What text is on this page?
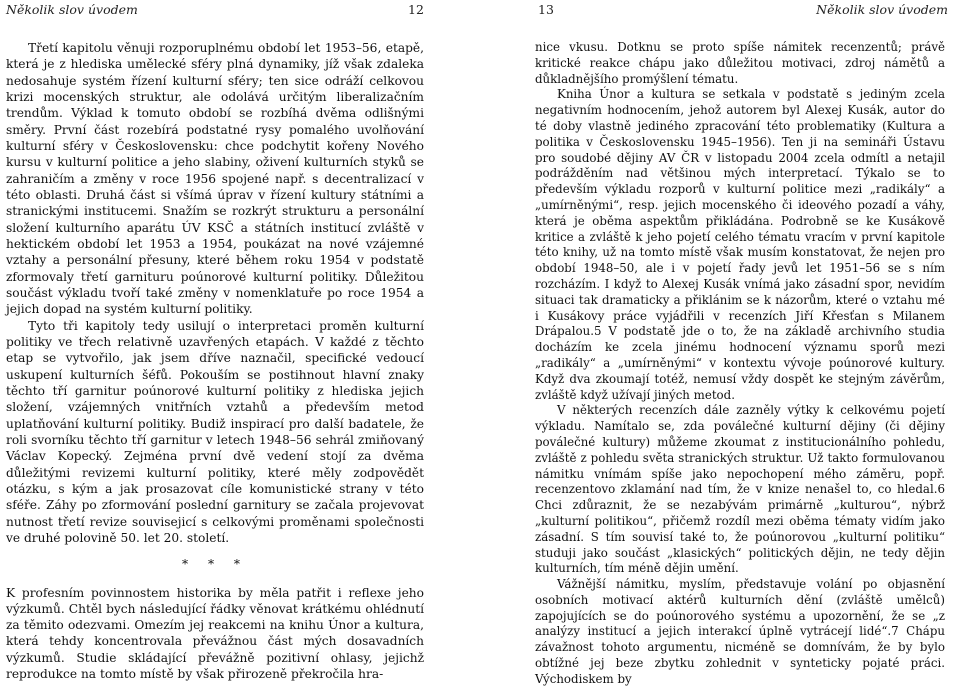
Několik slov úvodem	12

Třetí kapitolu věnuji rozporuplnému období let 1953–56, etapě, která je z hlediska umělecké sféry plná dynamiky, jíž však zdaleka nedosahuje systém řízení kulturní sféry; ten sice odráží celkovou krizi mocenských struktur, ale odolává určitým liberalizačním trendům. Výklad k tomuto období se rozbíhá dvěma odlišnými směry. První část rozebírá podstatné rysy pomalého uvolňování kulturní sféry v Československu: chce podchytit kořeny Nového kursu v kulturní politice a jeho slabiny, oživení kulturních styků se zahraničím a změny v roce 1956 spojené např. s decentralizací v této oblasti. Druhá část si všímá úprav v řízení kultury státními a stranickými institucemi. Snažím se rozkrýt strukturu a personální složení kulturního aparátu ÚV KSČ a státních institucí zvláště v hektickém období let 1953 a 1954, poukázat na nové vzájemné vztahy a personální přesuny, které během roku 1954 v podstatě zformovaly třetí garnituru poúnorové kulturní politiky. Důležitou součást výkladu tvoří také změny v nomenklatuře po roce 1954 a jejich dopad na systém kulturní politiky.

Tyto tři kapitoly tedy usilují o interpretaci proměn kulturní politiky ve třech relativně uzavřených etapách. V každé z těchto etap se vytvořilo, jak jsem dříve naznačil, specifické vedoucí uskupení kulturních šéfů. Pokouším se postihnout hlavní znaky těchto tří garnitur poúnorové kulturní politiky z hlediska jejich složení, vzájemných vnitřních vztahů a především metod uplatňování kulturní politiky. Budiž inspirací pro další badatele, že roli svorníku těchto tří garnitur v letech 1948–56 sehrál zmiňovaný Václav Kopecký. Zejména první dvě vedení stojí za dvěma důležitými revizemi kulturní politiky, které měly zodpovědět otázku, s kým a jak prosazovat cíle komunistické strany v této sféře. Záhy po zformování poslední garnitury se začala projevovat nutnost třetí revize souvisejicí s celkovými proměnami společnosti ve druhé polovině 50. let 20. století.

* * *

K profesním povinnostem historika by měla patřit i reflexe jeho výzkumů. Chtěl bych následující řádky věnovat krátkému ohlédnutí za těmito odezvami. Omezím jej reakcemi na knihu Únor a kultura, která tehdy koncentrovala převážnou část mých dosavadních výzkumů. Studie skládající převážně pozitivní ohlasy, jejichž reprodukce na tomto místě by však přirozeně překročila hra-

13	Několik slov úvodem

nice vkusu. Dotknu se proto spíše námitek recenzentů; právě kritické reakce chápu jako důležitou motivaci, zdroj námětů a důkladnějšího promýšlení tématu.

Kniha Únor a kultura se setkala v podstatě s jediným zcela negativním hodnocením, jehož autorem byl Alexej Kusák, autor do té doby vlastně jediného zpracování této problematiky (Kultura a politika v Československu 1945–1956). Ten ji na semináři Ústavu pro soudobé dějiny AV ČR v listopadu 2004 zcela odmítl a netajil podrážděním nad většinou mých interpretací. Týkalo se to především výkladu rozporů v kulturní politice mezi „radikály“ a „umírněnými“, resp. jejich mocenského či ideového pozadí a váhy, která je oběma aspektům přikládána. Podrobně se ke Kusákově kritice a zvláště k jeho pojetí celého tématu vracím v první kapitole této knihy, už na tomto místě však musím konstatovat, že nejen pro období 1948–50, ale i v pojetí řady jevů let 1951–56 se s ním rozcházím. I když to Alexej Kusák vnímá jako zásadní spor, nevidím situaci tak dramaticky a přiklánim se k názorům, které o vztahu mé i Kusákovy práce vyjádřili v recenzích Jiří Křesťan s Milanem Drápalou.5 V podstatě jde o to, že na základě archivního studia docházím ke zcela jinému hodnocení významu sporů mezi „radikály“ a „umírněnými“ v kontextu vývoje poúnorové kultury. Když dva zkoumají totéž, nemusí vždy dospět ke stejným závěrům, zvláště když užívají jiných metod.

V některých recenzích dále zazněly výtky k celkovému pojetí výkladu. Namítalo se, zda poválečné kulturní dějiny (či dějiny poválečné kultury) můžeme zkoumat z institucionálního pohledu, zvláště z pohledu světa stranických struktur. Už takto formulovanou námitku vnímám spíše jako nepochopení mého záměru, popř. recenzentovo zklamání nad tím, že v knize nenašel to, co hledal.6 Chci zdůraznit, že se nezabývám primárně „kulturou“, nýbrž „kulturní politikou“, přičemž rozdíl mezi oběma tématy vidím jako zásadní. S tím souvisí také to, že poúnorovou „kulturní politiku“ studuji jako součást „klasických“ politických dějin, ne tedy dějin kulturních, tím méně dějin umění.

Vážnější námitku, myslím, představuje volání po objasnění osobních motivací aktérů kulturních dění (zvláště umělců) zapojujících se do poúnorového systému a upozornění, že se „z analýzy institucí a jejich interakcí úplně vytrácejí lidé“.7 Chápu závažnost tohoto argumentu, nicméně se domnívám, že by bylo obtížné jej beze zbytku zohlednit v synteticky pojaté práci. Východiskem by
